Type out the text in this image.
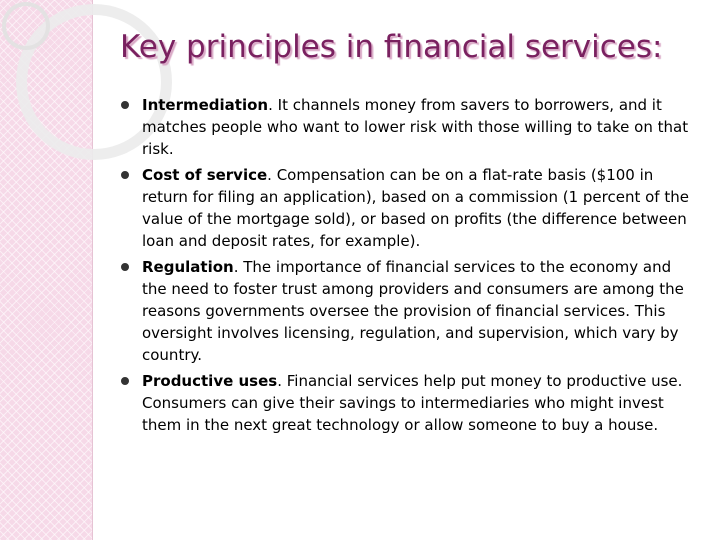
Key principles in financial services:
Intermediation. It channels money from savers to borrowers, and it matches people who want to lower risk with those willing to take on that risk.
Cost of service. Compensation can be on a flat-rate basis ($100 in return for filing an application), based on a commission (1 percent of the value of the mortgage sold), or based on profits (the difference between loan and deposit rates, for example).
Regulation. The importance of financial services to the economy and the need to foster trust among providers and consumers are among the reasons governments oversee the provision of financial services. This oversight involves licensing, regulation, and supervision, which vary by country.
Productive uses. Financial services help put money to productive use. Consumers can give their savings to intermediaries who might invest them in the next great technology or allow someone to buy a house.
